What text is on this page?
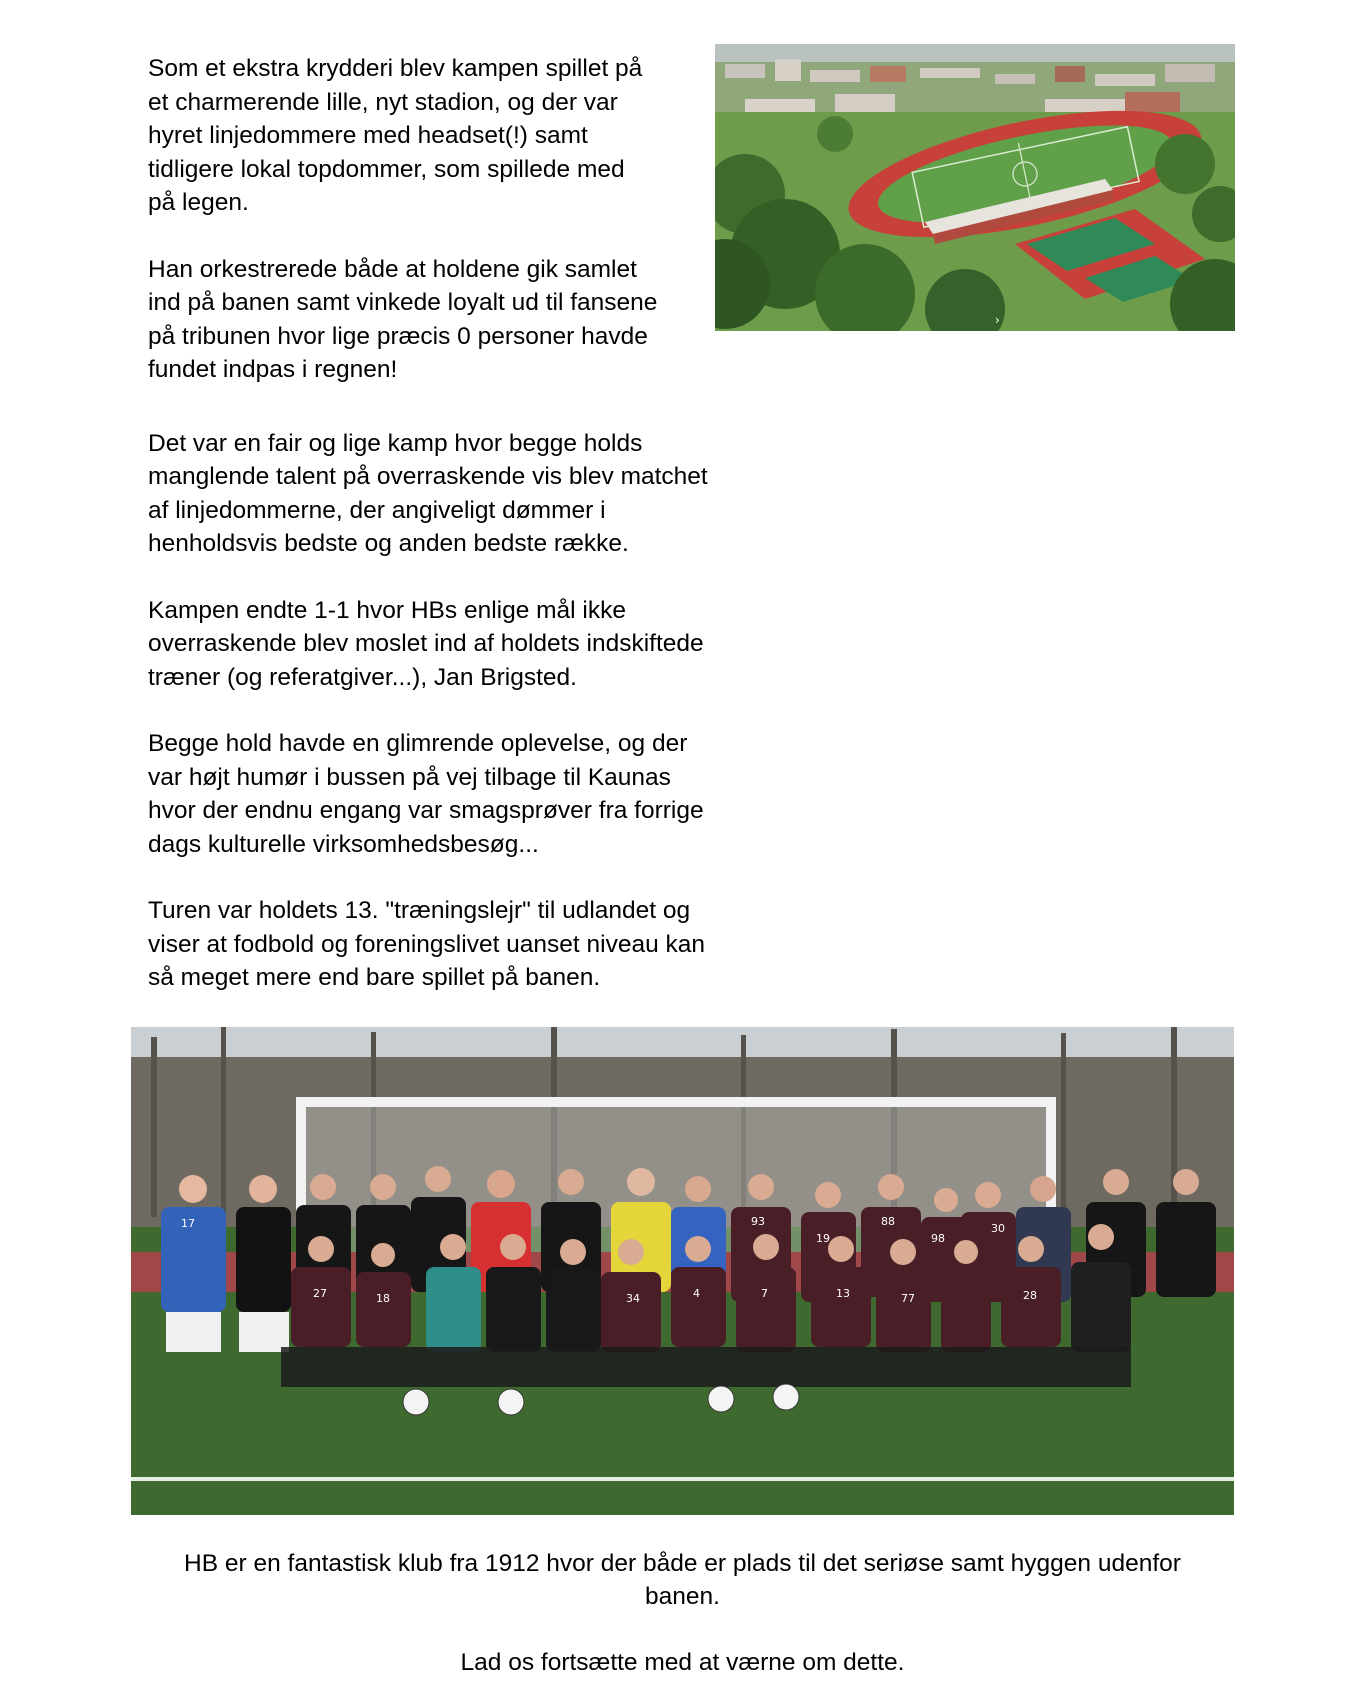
Som et ekstra krydderi blev kampen spillet på
et charmerende lille, nyt stadion, og der var
hyret linjedommere med headset(!) samt
tidligere lokal topdommer, som spillede med
på legen.

Han orkestrerede både at holdene gik samlet
ind på banen samt vinkede loyalt ud til fansene
på tribunen hvor lige præcis 0 personer havde
fundet indpas i regnen!

Det var en fair og lige kamp hvor begge holds
manglende talent på overraskende vis blev matchet
af linjedommerne, der angiveligt dømmer i
henholdsvis bedste og anden bedste række.

Kampen endte 1-1 hvor HBs enlige mål ikke
overraskende blev moslet ind af holdets indskiftede
træner (og referatgiver...), Jan Brigsted.

Begge hold havde en glimrende oplevelse, og der
var højt humør i bussen på vej tilbage til Kaunas
hvor der endnu engang var smagsprøver fra forrige
dags kulturelle virksomhedsbesøg...

Turen var holdets 13. "træningslejr" til udlandet og
viser at fodbold og foreningslivet uanset niveau kan
så meget mere end bare spillet på banen.

›
17	93	88
19	98
30
27	18	34	4	7	13	77	28

HB er en fantastisk klub fra 1912 hvor der både er plads til det seriøse samt hyggen udenfor
banen.

Lad os fortsætte med at værne om dette.
